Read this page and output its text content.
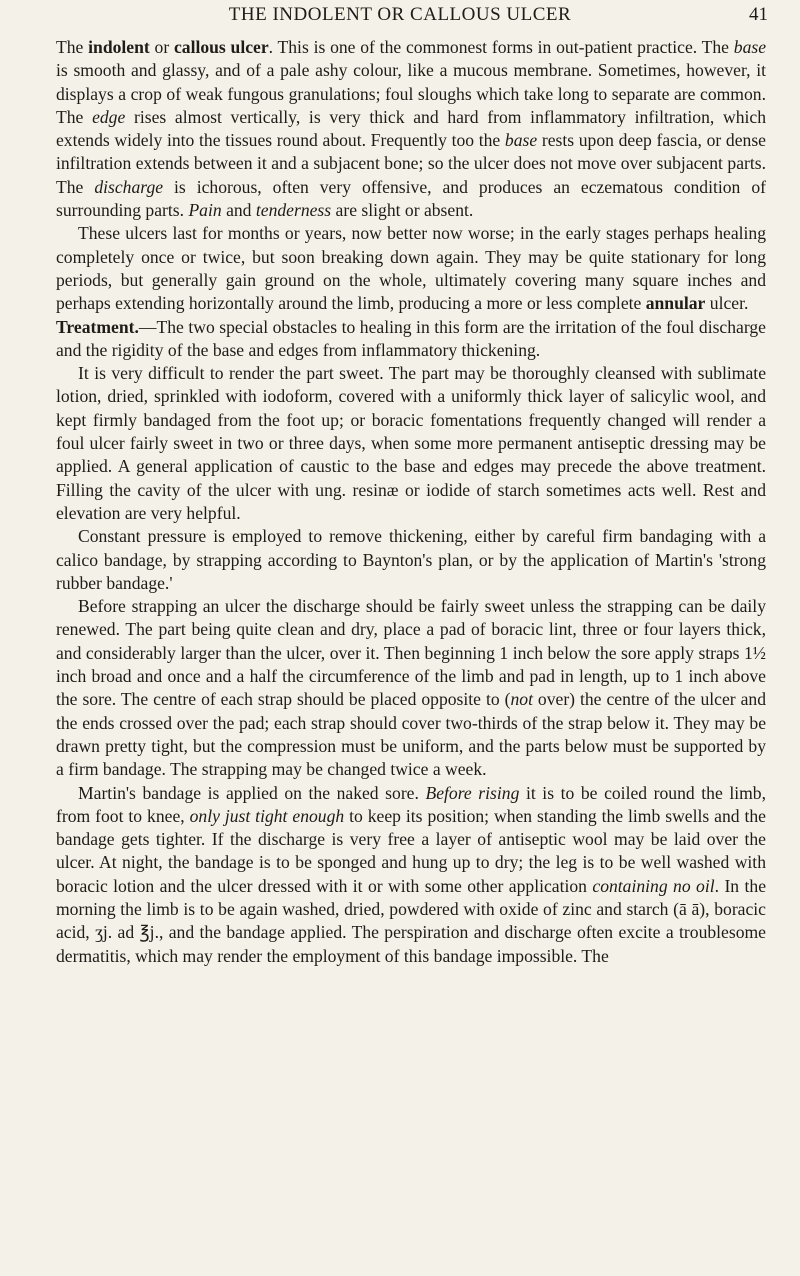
THE INDOLENT OR CALLOUS ULCER	41

The indolent or callous ulcer. This is one of the commonest forms in out-patient practice. The base is smooth and glassy, and of a pale ashy colour, like a mucous membrane. Sometimes, however, it displays a crop of weak fungous granulations; foul sloughs which take long to separate are common. The edge rises almost vertically, is very thick and hard from inflammatory infiltration, which extends widely into the tissues round about. Frequently too the base rests upon deep fascia, or dense infiltration extends between it and a subjacent bone; so the ulcer does not move over subjacent parts. The discharge is ichorous, often very offensive, and produces an eczematous condition of surrounding parts. Pain and tenderness are slight or absent.

These ulcers last for months or years, now better now worse; in the early stages perhaps healing completely once or twice, but soon breaking down again. They may be quite stationary for long periods, but generally gain ground on the whole, ultimately covering many square inches and perhaps extending horizontally around the limb, producing a more or less complete annular ulcer.

Treatment.—The two special obstacles to healing in this form are the irritation of the foul discharge and the rigidity of the base and edges from inflammatory thickening.

It is very difficult to render the part sweet. The part may be thoroughly cleansed with sublimate lotion, dried, sprinkled with iodoform, covered with a uniformly thick layer of salicylic wool, and kept firmly bandaged from the foot up; or boracic fomentations frequently changed will render a foul ulcer fairly sweet in two or three days, when some more permanent antiseptic dressing may be applied. A general application of caustic to the base and edges may precede the above treatment. Filling the cavity of the ulcer with ung. resinæ or iodide of starch sometimes acts well. Rest and elevation are very helpful.

Constant pressure is employed to remove thickening, either by careful firm bandaging with a calico bandage, by strapping according to Baynton's plan, or by the application of Martin's 'strong rubber bandage.'

Before strapping an ulcer the discharge should be fairly sweet unless the strapping can be daily renewed. The part being quite clean and dry, place a pad of boracic lint, three or four layers thick, and considerably larger than the ulcer, over it. Then beginning 1 inch below the sore apply straps 1½ inch broad and once and a half the circumference of the limb and pad in length, up to 1 inch above the sore. The centre of each strap should be placed opposite to (not over) the centre of the ulcer and the ends crossed over the pad; each strap should cover two-thirds of the strap below it. They may be drawn pretty tight, but the compression must be uniform, and the parts below must be supported by a firm bandage. The strapping may be changed twice a week.

Martin's bandage is applied on the naked sore. Before rising it is to be coiled round the limb, from foot to knee, only just tight enough to keep its position; when standing the limb swells and the bandage gets tighter. If the discharge is very free a layer of antiseptic wool may be laid over the ulcer. At night, the bandage is to be sponged and hung up to dry; the leg is to be well washed with boracic lotion and the ulcer dressed with it or with some other application containing no oil. In the morning the limb is to be again washed, dried, powdered with oxide of zinc and starch (ā ā), boracic acid, ʒj. ad ℥j., and the bandage applied. The perspiration and discharge often excite a troublesome dermatitis, which may render the employment of this bandage impossible. The
